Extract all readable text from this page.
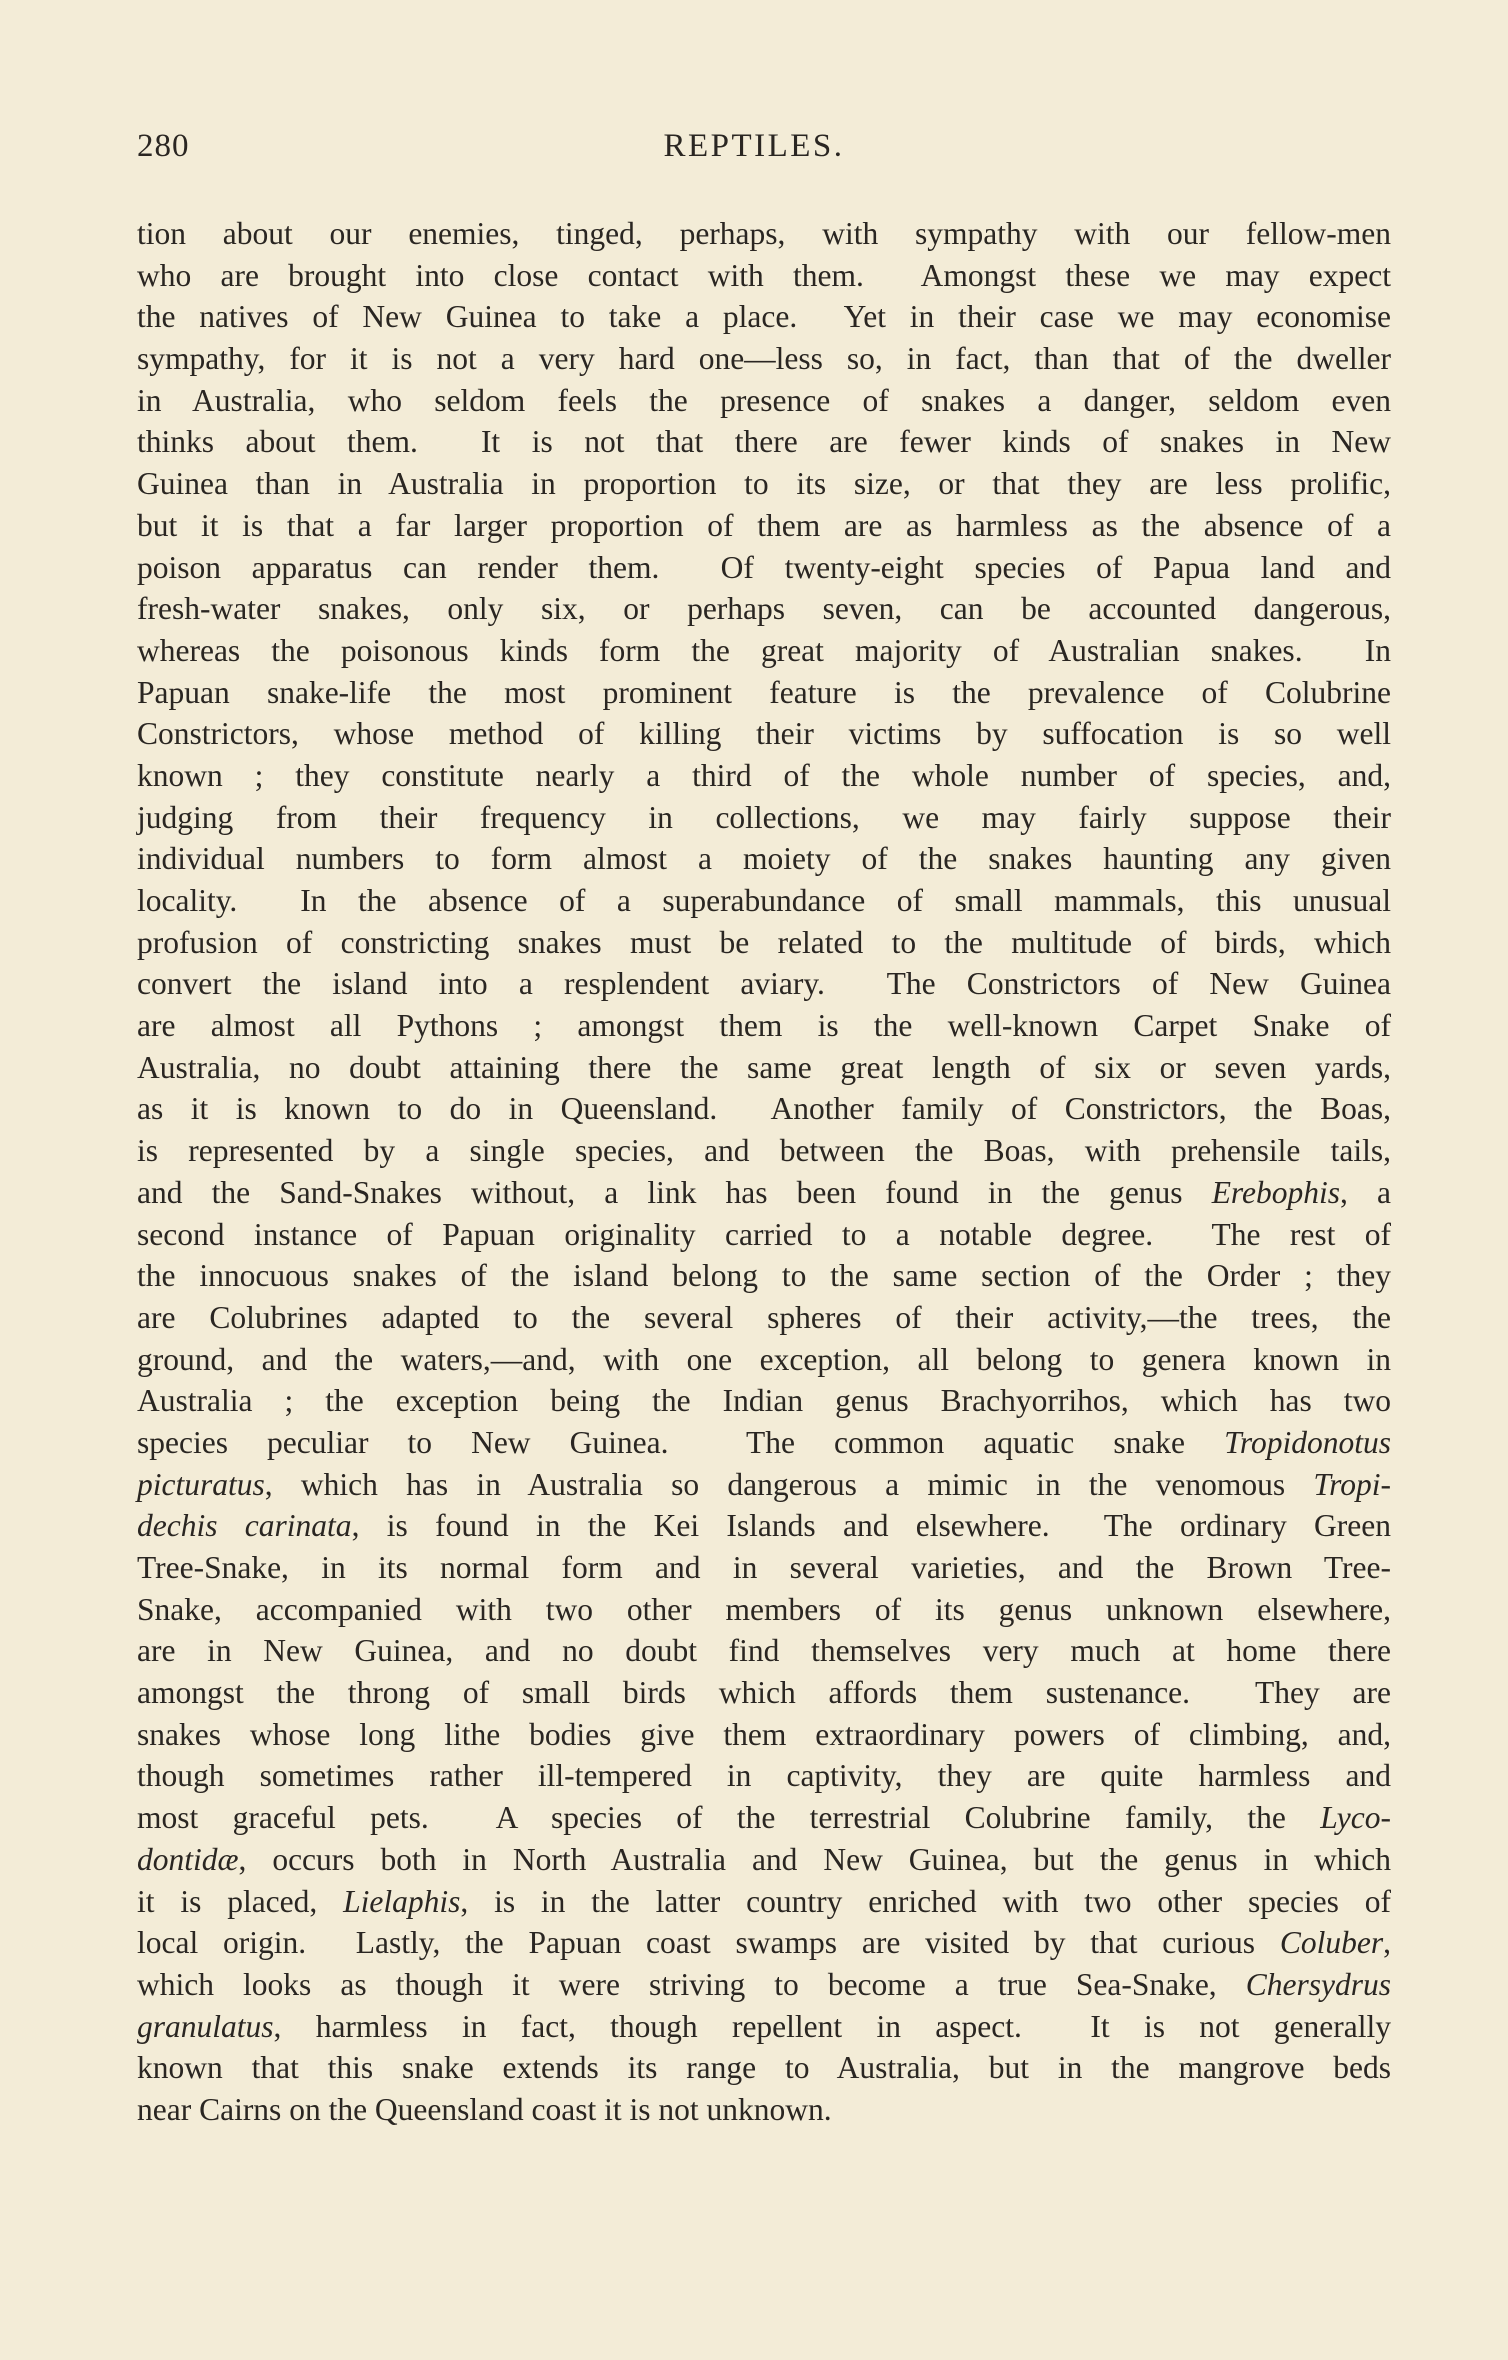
280	REPTILES.
tion about our enemies, tinged, perhaps, with sympathy with our fellow-men
who are brought into close contact with them.  Amongst these we may expect
the natives of New Guinea to take a place.  Yet in their case we may economise
sympathy, for it is not a very hard one—less so, in fact, than that of the dweller
in Australia, who seldom feels the presence of snakes a danger, seldom even
thinks about them.  It is not that there are fewer kinds of snakes in New
Guinea than in Australia in proportion to its size, or that they are less prolific,
but it is that a far larger proportion of them are as harmless as the absence of a
poison apparatus can render them.  Of twenty-eight species of Papua land and
fresh-water snakes, only six, or perhaps seven, can be accounted dangerous,
whereas the poisonous kinds form the great majority of Australian snakes.  In
Papuan snake-life the most prominent feature is the prevalence of Colubrine
Constrictors, whose method of killing their victims by suffocation is so well
known ; they constitute nearly a third of the whole number of species, and,
judging from their frequency in collections, we may fairly suppose their
individual numbers to form almost a moiety of the snakes haunting any given
locality.  In the absence of a superabundance of small mammals, this unusual
profusion of constricting snakes must be related to the multitude of birds, which
convert the island into a resplendent aviary.  The Constrictors of New Guinea
are almost all Pythons ; amongst them is the well-known Carpet Snake of
Australia, no doubt attaining there the same great length of six or seven yards,
as it is known to do in Queensland.  Another family of Constrictors, the Boas,
is represented by a single species, and between the Boas, with prehensile tails,
and the Sand-Snakes without, a link has been found in the genus Erebophis, a
second instance of Papuan originality carried to a notable degree.  The rest of
the innocuous snakes of the island belong to the same section of the Order ; they
are Colubrines adapted to the several spheres of their activity,—the trees, the
ground, and the waters,—and, with one exception, all belong to genera known in
Australia ; the exception being the Indian genus Brachyorrihos, which has two
species peculiar to New Guinea.  The common aquatic snake Tropidonotus
picturatus, which has in Australia so dangerous a mimic in the venomous Tropi-
dechis carinata, is found in the Kei Islands and elsewhere.  The ordinary Green
Tree-Snake, in its normal form and in several varieties, and the Brown Tree-
Snake, accompanied with two other members of its genus unknown elsewhere,
are in New Guinea, and no doubt find themselves very much at home there
amongst the throng of small birds which affords them sustenance.  They are
snakes whose long lithe bodies give them extraordinary powers of climbing, and,
though sometimes rather ill-tempered in captivity, they are quite harmless and
most graceful pets.  A species of the terrestrial Colubrine family, the Lyco-
dontidæ, occurs both in North Australia and New Guinea, but the genus in which
it is placed, Lielaphis, is in the latter country enriched with two other species of
local origin.  Lastly, the Papuan coast swamps are visited by that curious Coluber,
which looks as though it were striving to become a true Sea-Snake, Chersydrus
granulatus, harmless in fact, though repellent in aspect.  It is not generally
known that this snake extends its range to Australia, but in the mangrove beds
near Cairns on the Queensland coast it is not unknown.
